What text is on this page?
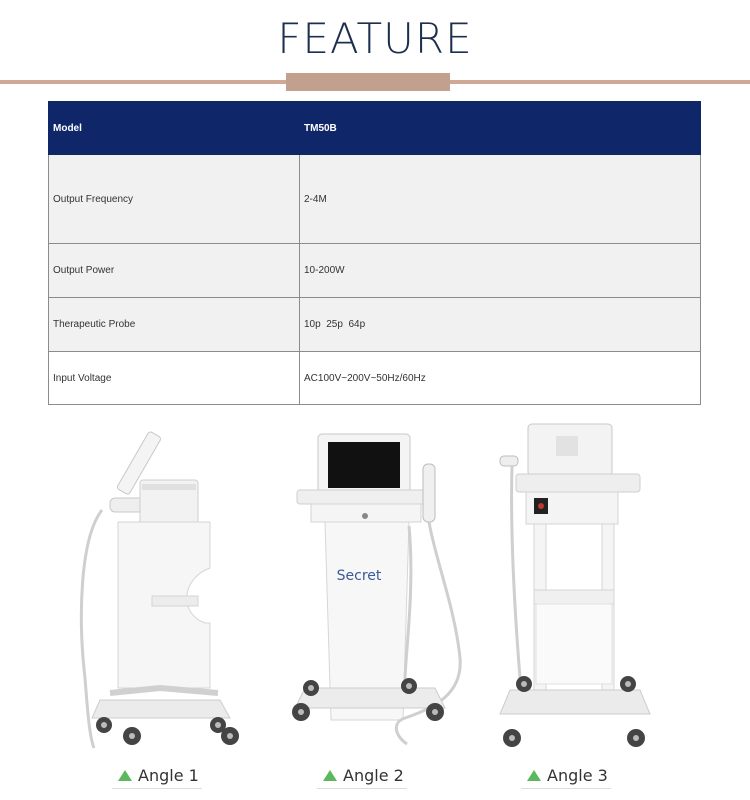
FEATURE
Model	TM50B
Output Frequency	2-4M
Output Power	10-200W
Therapeutic Probe	10p  25p  64p
Input Voltage	AC100V~200V~50Hz/60Hz
Secret
Angle 1	Angle 2	Angle 3
